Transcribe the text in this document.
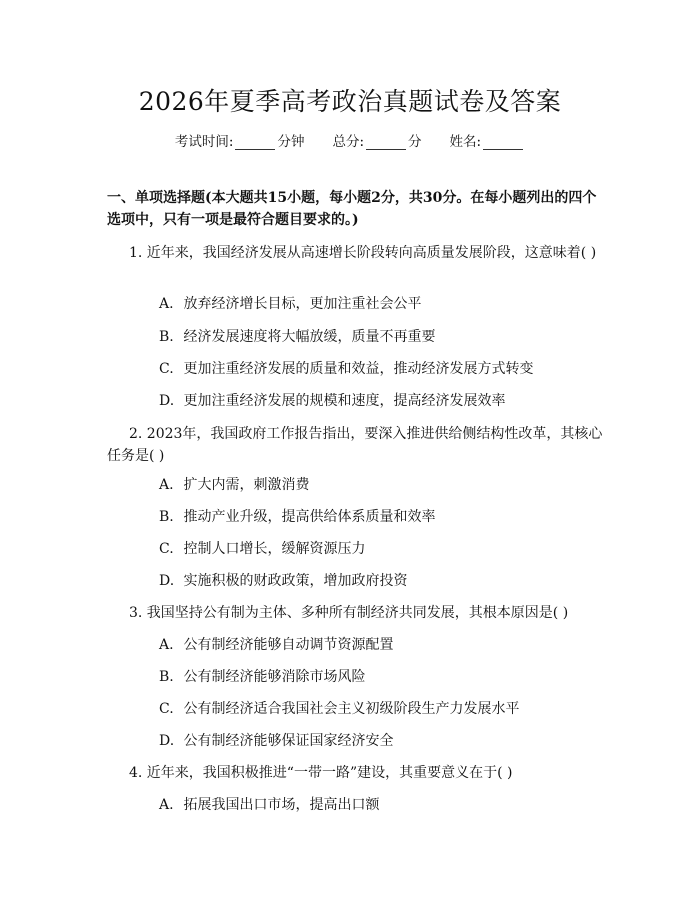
2026年夏季高考政治真题试卷及答案
考试时间:	分钟 总分:	分 姓名:
一、单项选择题(本大题共15小题，每小题2分，共30分。在每小题列出的四个选项中，只有一项是最符合题目要求的。)
1. 近年来，我国经济发展从高速增长阶段转向高质量发展阶段，这意味着( )
A. 放弃经济增长目标，更加注重社会公平
B. 经济发展速度将大幅放缓，质量不再重要
C. 更加注重经济发展的质量和效益，推动经济发展方式转变
D. 更加注重经济发展的规模和速度，提高经济发展效率
2. 2023年，我国政府工作报告指出，要深入推进供给侧结构性改革，其核心任务是( )
A. 扩大内需，刺激消费
B. 推动产业升级，提高供给体系质量和效率
C. 控制人口增长，缓解资源压力
D. 实施积极的财政政策，增加政府投资
3. 我国坚持公有制为主体、多种所有制经济共同发展，其根本原因是( )
A. 公有制经济能够自动调节资源配置
B. 公有制经济能够消除市场风险
C. 公有制经济适合我国社会主义初级阶段生产力发展水平
D. 公有制经济能够保证国家经济安全
4. 近年来，我国积极推进“一带一路”建设，其重要意义在于( )
A. 拓展我国出口市场，提高出口额
